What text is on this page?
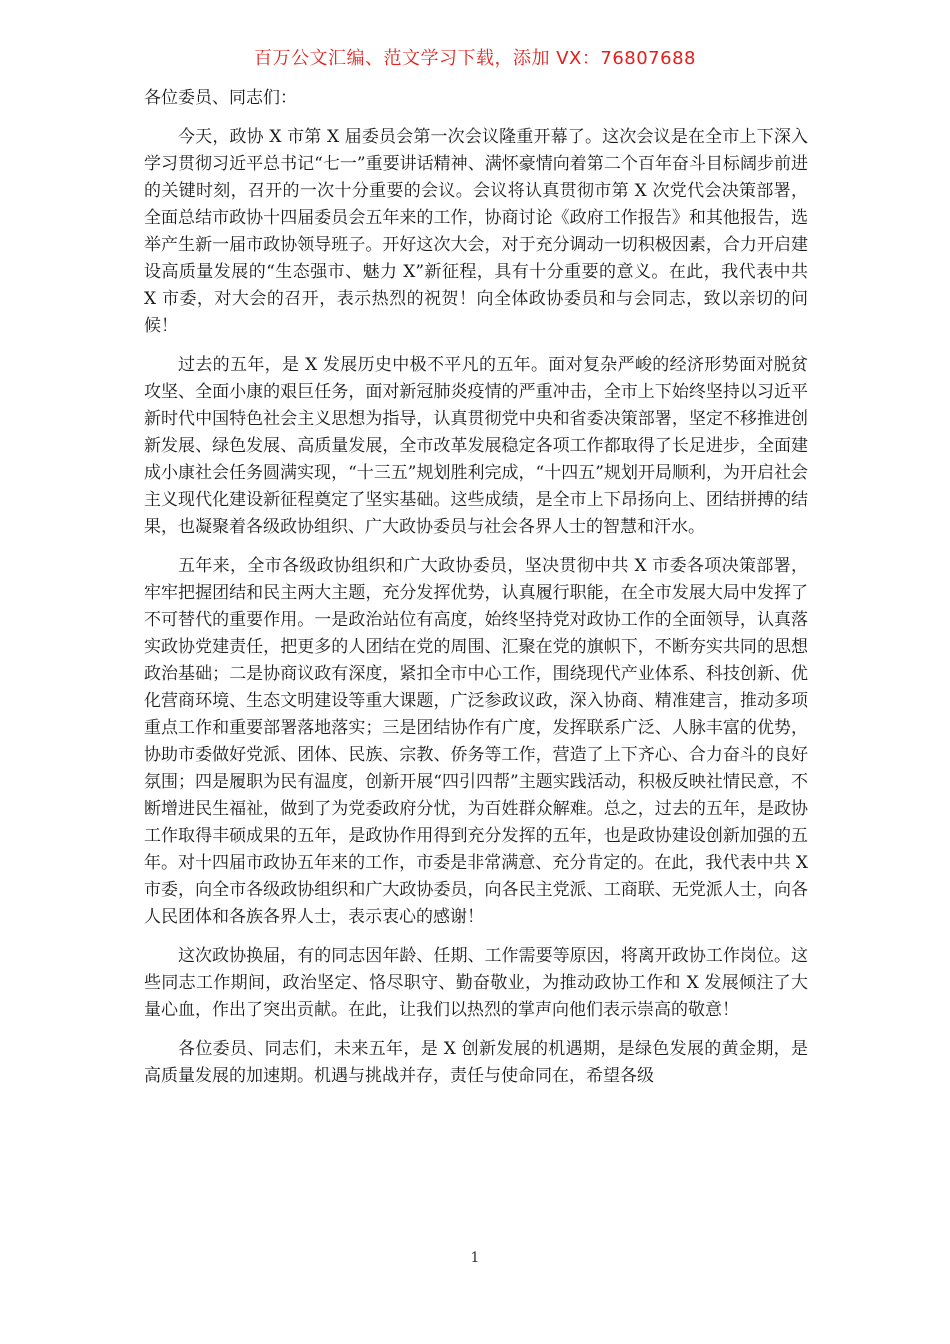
百万公文汇编、范文学习下载，添加 VX：76807688

各位委员、同志们：

今天，政协 X 市第 X 届委员会第一次会议隆重开幕了。这次会议是在全市上下深入学习贯彻习近平总书记“七一”重要讲话精神、满怀豪情向着第二个百年奋斗目标阔步前进的关键时刻，召开的一次十分重要的会议。会议将认真贯彻市第 X 次党代会决策部署，全面总结市政协十四届委员会五年来的工作，协商讨论《政府工作报告》和其他报告，选举产生新一届市政协领导班子。开好这次大会，对于充分调动一切积极因素，合力开启建设高质量发展的“生态强市、魅力 X”新征程，具有十分重要的意义。在此，我代表中共 X 市委，对大会的召开，表示热烈的祝贺！向全体政协委员和与会同志，致以亲切的问候！

过去的五年，是 X 发展历史中极不平凡的五年。面对复杂严峻的经济形势面对脱贫攻坚、全面小康的艰巨任务，面对新冠肺炎疫情的严重冲击，全市上下始终坚持以习近平新时代中国特色社会主义思想为指导，认真贯彻党中央和省委决策部署，坚定不移推进创新发展、绿色发展、高质量发展，全市改革发展稳定各项工作都取得了长足进步，全面建成小康社会任务圆满实现，“十三五”规划胜利完成，“十四五”规划开局顺利，为开启社会主义现代化建设新征程奠定了坚实基础。这些成绩，是全市上下昂扬向上、团结拼搏的结果，也凝聚着各级政协组织、广大政协委员与社会各界人士的智慧和汗水。

五年来，全市各级政协组织和广大政协委员，坚决贯彻中共 X 市委各项决策部署，牢牢把握团结和民主两大主题，充分发挥优势，认真履行职能，在全市发展大局中发挥了不可替代的重要作用。一是政治站位有高度，始终坚持党对政协工作的全面领导，认真落实政协党建责任，把更多的人团结在党的周围、汇聚在党的旗帜下，不断夯实共同的思想政治基础；二是协商议政有深度，紧扣全市中心工作，围绕现代产业体系、科技创新、优化营商环境、生态文明建设等重大课题，广泛参政议政，深入协商、精准建言，推动多项重点工作和重要部署落地落实；三是团结协作有广度，发挥联系广泛、人脉丰富的优势，协助市委做好党派、团体、民族、宗教、侨务等工作，营造了上下齐心、合力奋斗的良好氛围；四是履职为民有温度，创新开展“四引四帮”主题实践活动，积极反映社情民意，不断增进民生福祉，做到了为党委政府分忧，为百姓群众解难。总之，过去的五年，是政协工作取得丰硕成果的五年，是政协作用得到充分发挥的五年，也是政协建设创新加强的五年。对十四届市政协五年来的工作，市委是非常满意、充分肯定的。在此，我代表中共 X 市委，向全市各级政协组织和广大政协委员，向各民主党派、工商联、无党派人士，向各人民团体和各族各界人士，表示衷心的感谢！

这次政协换届，有的同志因年龄、任期、工作需要等原因，将离开政协工作岗位。这些同志工作期间，政治坚定、恪尽职守、勤奋敬业，为推动政协工作和 X 发展倾注了大量心血，作出了突出贡献。在此，让我们以热烈的掌声向他们表示崇高的敬意！

各位委员、同志们，未来五年，是 X 创新发展的机遇期，是绿色发展的黄金期，是高质量发展的加速期。机遇与挑战并存，责任与使命同在，希望各级

1
